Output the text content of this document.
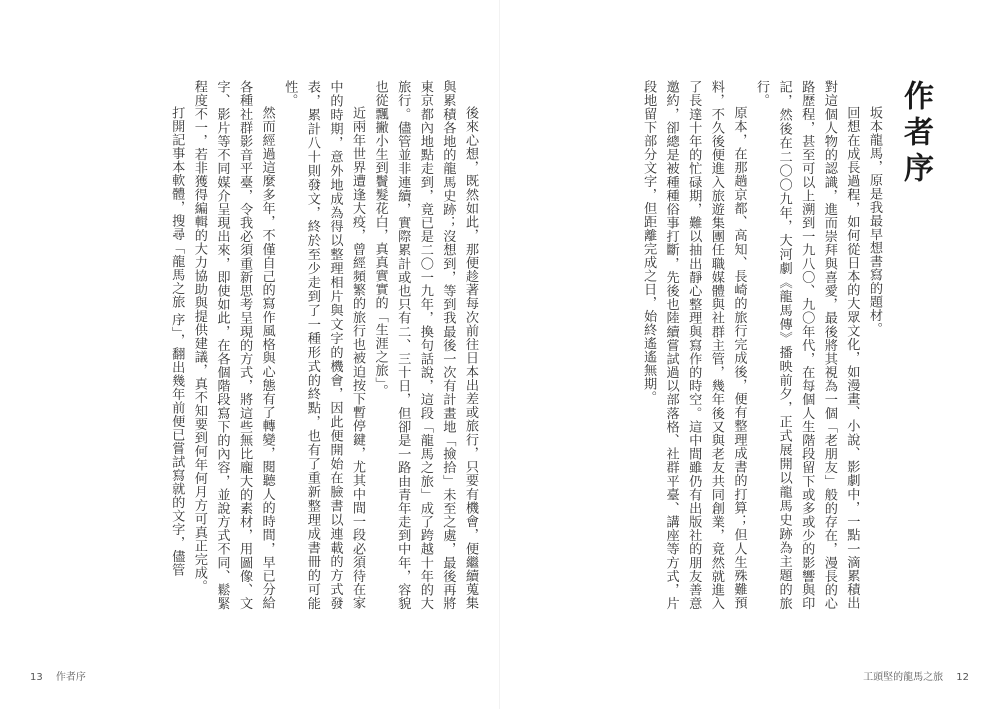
作者序

坂本龍馬，原是我最早想書寫的題材。

回想在成長過程，如何從日本的大眾文化，如漫畫、小說、影劇中，一點一滴累積出對這個人物的認識，進而崇拜與喜愛，最後將其視為一個「老朋友」般的存在，漫長的心路歷程，甚至可以上溯到一九八〇、九〇年代，在每個人生階段留下或多或少的影響與印記，然後在二〇〇九年，大河劇《龍馬傳》播映前夕，正式展開以龍馬史跡為主題的旅行。

原本，在那趟京都、高知、長崎的旅行完成後，便有整理成書的打算；但人生殊難預料，不久後便進入旅遊集團任職媒體與社群主管，幾年後又與老友共同創業，竟然就進入了長達十年的忙碌期，難以抽出靜心整理與寫作的時空。這中間雖仍有出版社的朋友善意邀約，卻總是被種種俗事打斷，先後也陸續嘗試過以部落格、社群平臺、講座等方式，片段地留下部分文字，但距離完成之日，始終遙遙無期。

後來心想，既然如此，那便趁著每次前往日本出差或旅行，只要有機會，便繼續蒐集與累積各地的龍馬史跡；沒想到，等到我最後一次有計畫地「撿拾」未至之處，最後再將東京都內地點走到，竟已是二〇一九年，換句話說，這段「龍馬之旅」成了跨越十年的大旅行。儘管並非連續，實際累計或也只有二、三十日，但卻是一路由青年走到中年，容貌也從飄撇小生到鬢髮花白，真真實實的「生涯之旅」。

近兩年世界遭逢大疫，曾經頻繁的旅行也被迫按下暫停鍵，尤其中間一段必須待在家中的時期，意外地成為得以整理相片與文字的機會，因此便開始在臉書以連載的方式發表，累計八十則發文，終於至少走到了一種形式的終點，也有了重新整理成書冊的可能性。

然而經過這麼多年，不僅自己的寫作風格與心態有了轉變，閱聽人的時間，早已分給各種社群影音平臺，令我必須重新思考呈現的方式，將這些無比龐大的素材，用圖像、文字、影片等不同媒介呈現出來，即使如此，在各個階段寫下的內容，並說方式不同、鬆緊程度不一，若非獲得編輯的大力協助與提供建議，真不知要到何年何月方可真正完成。

打開記事本軟體，搜尋「龍馬之旅 序」，翻出幾年前便已嘗試寫就的文字，儘管

13 作者序	工頭堅的龍馬之旅 12
